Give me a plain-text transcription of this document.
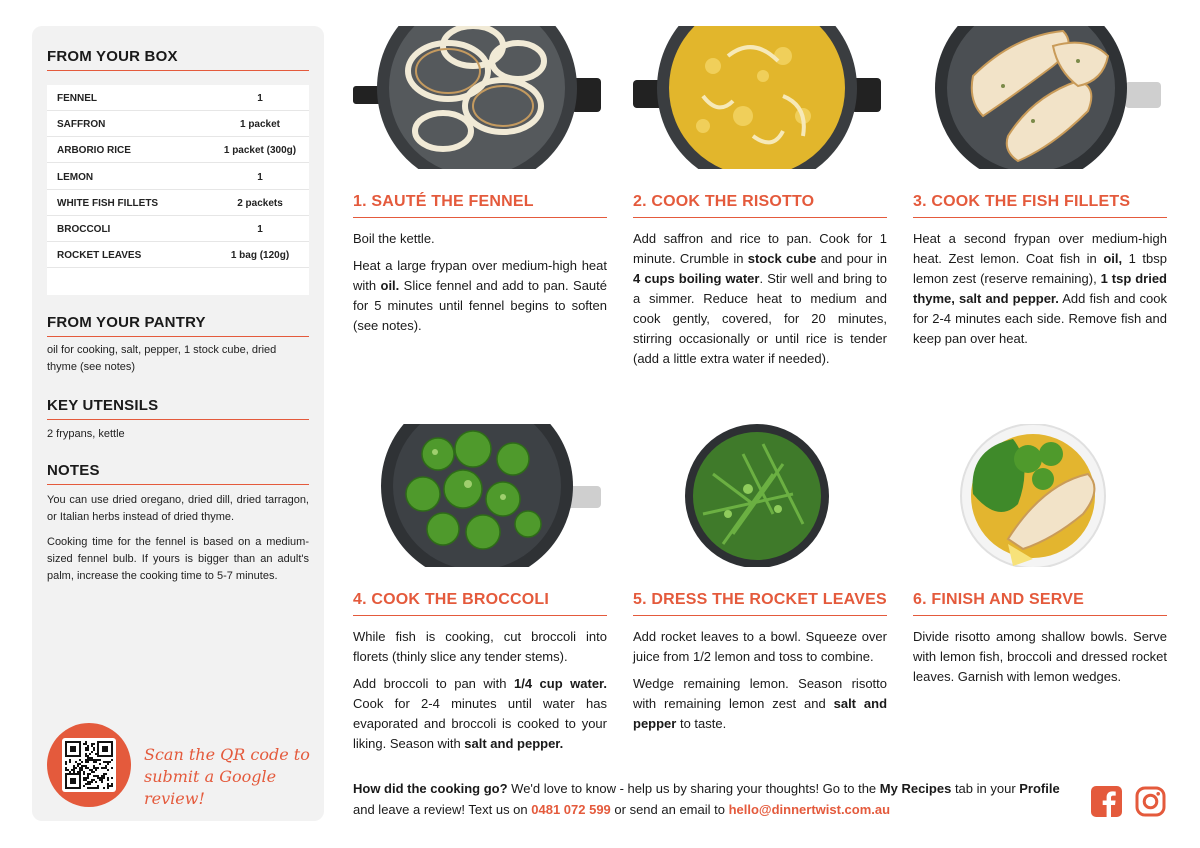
FROM YOUR BOX
FENNEL	1
SAFFRON	1 packet
ARBORIO RICE	1 packet (300g)
LEMON	1
WHITE FISH FILLETS	2 packets
BROCCOLI	1
ROCKET LEAVES	1 bag (120g)
FROM YOUR PANTRY
oil for cooking, salt, pepper, 1 stock cube, dried thyme (see notes)
KEY UTENSILS
2 frypans, kettle
NOTES
You can use dried oregano, dried dill, dried tarragon, or Italian herbs instead of dried thyme.
Cooking time for the fennel is based on a medium-sized fennel bulb. If yours is bigger than an adult's palm, increase the cooking time to 5-7 minutes.
Scan the QR code to
submit a Google review!
1. SAUTÉ THE FENNEL

Boil the kettle.

Heat a large frypan over medium-high heat with oil. Slice fennel and add to pan. Sauté for 5 minutes until fennel begins to soften (see notes).

2. COOK THE RISOTTO

Add saffron and rice to pan. Cook for 1 minute. Crumble in stock cube and pour in 4 cups boiling water. Stir well and bring to a simmer. Reduce heat to medium and cook gently, covered, for 20 minutes, stirring occasionally or until rice is tender (add a little extra water if needed).

3. COOK THE FISH FILLETS

Heat a second frypan over medium-high heat. Zest lemon. Coat fish in oil, 1 tbsp lemon zest (reserve remaining), 1 tsp dried thyme, salt and pepper. Add fish and cook for 2-4 minutes each side. Remove fish and keep pan over heat.

4. COOK THE BROCCOLI

While fish is cooking, cut broccoli into florets (thinly slice any tender stems).

Add broccoli to pan with 1/4 cup water. Cook for 2-4 minutes until water has evaporated and broccoli is cooked to your liking. Season with salt and pepper.

5. DRESS THE ROCKET LEAVES

Add rocket leaves to a bowl. Squeeze over juice from 1/2 lemon and toss to combine.

Wedge remaining lemon. Season risotto with remaining lemon zest and salt and pepper to taste.

6. FINISH AND SERVE

Divide risotto among shallow bowls. Serve with lemon fish, broccoli and dressed rocket leaves. Garnish with lemon wedges.

How did the cooking go? We'd love to know - help us by sharing your thoughts! Go to the My Recipes tab in your Profile and leave a review! Text us on 0481 072 599 or send an email to hello@dinnertwist.com.au
